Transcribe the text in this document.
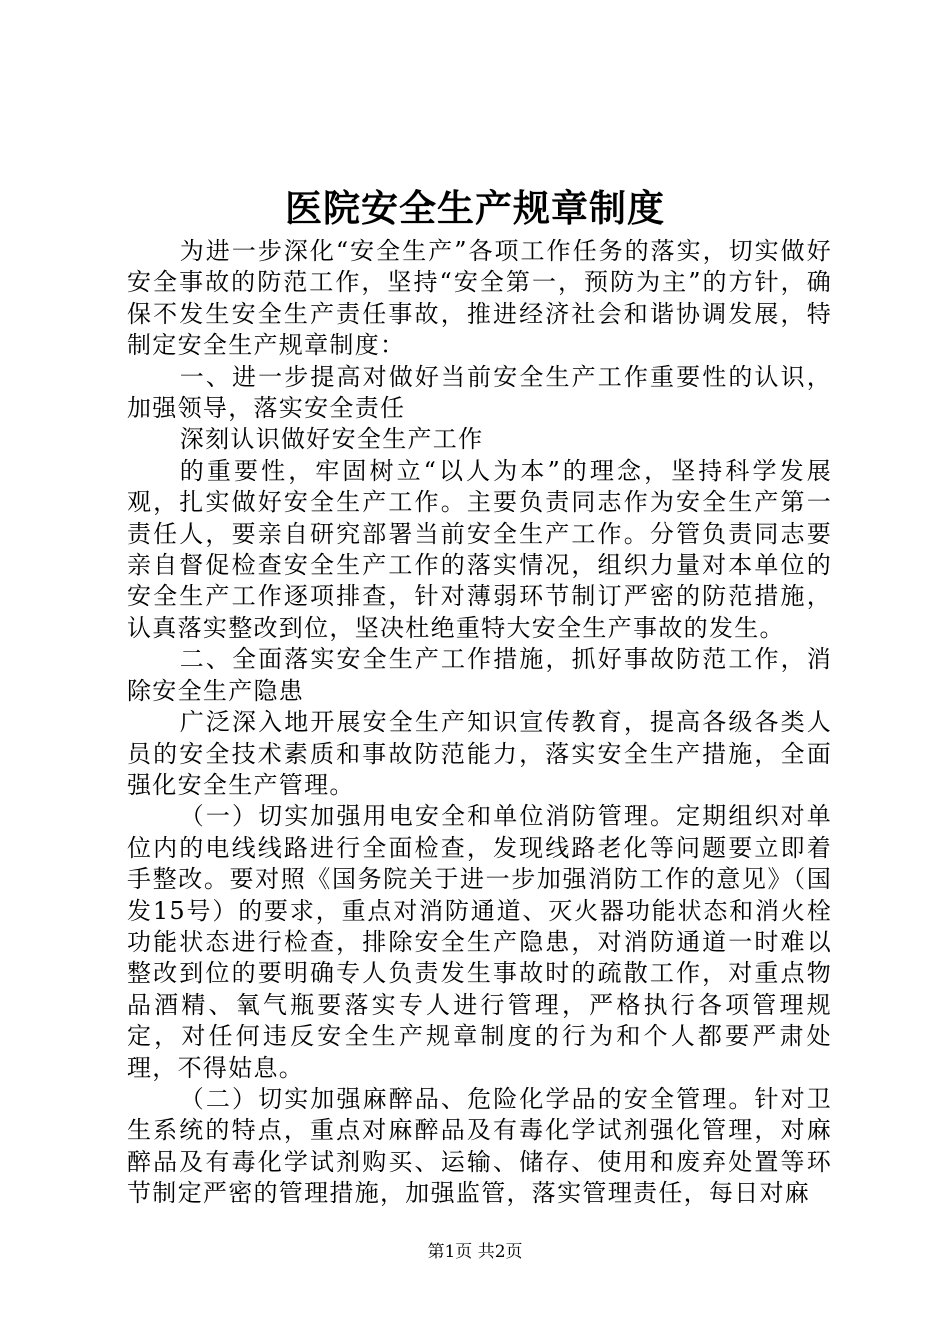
医院安全生产规章制度

为进一步深化“安全生产”各项工作任务的落实，切实做好安全事故的防范工作，坚持“安全第一，预防为主”的方针，确保不发生安全生产责任事故，推进经济社会和谐协调发展，特制定安全生产规章制度：

一、进一步提高对做好当前安全生产工作重要性的认识，加强领导，落实安全责任

深刻认识做好安全生产工作

的重要性，牢固树立“以人为本”的理念，坚持科学发展观，扎实做好安全生产工作。主要负责同志作为安全生产第一责任人，要亲自研究部署当前安全生产工作。分管负责同志要亲自督促检查安全生产工作的落实情况，组织力量对本单位的安全生产工作逐项排查，针对薄弱环节制订严密的防范措施，认真落实整改到位，坚决杜绝重特大安全生产事故的发生。

二、全面落实安全生产工作措施，抓好事故防范工作，消除安全生产隐患

广泛深入地开展安全生产知识宣传教育，提高各级各类人员的安全技术素质和事故防范能力，落实安全生产措施，全面强化安全生产管理。

（一）切实加强用电安全和单位消防管理。定期组织对单位内的电线线路进行全面检查，发现线路老化等问题要立即着手整改。要对照《国务院关于进一步加强消防工作的意见》（国发15号）的要求，重点对消防通道、灭火器功能状态和消火栓功能状态进行检查，排除安全生产隐患，对消防通道一时难以整改到位的要明确专人负责发生事故时的疏散工作，对重点物品酒精、氧气瓶要落实专人进行管理，严格执行各项管理规定，对任何违反安全生产规章制度的行为和个人都要严肃处理，不得姑息。

（二）切实加强麻醉品、危险化学品的安全管理。针对卫生系统的特点，重点对麻醉品及有毒化学试剂强化管理，对麻醉品及有毒化学试剂购买、运输、储存、使用和废弃处置等环节制定严密的管理措施，加强监管，落实管理责任，每日对麻

第1页 共2页
